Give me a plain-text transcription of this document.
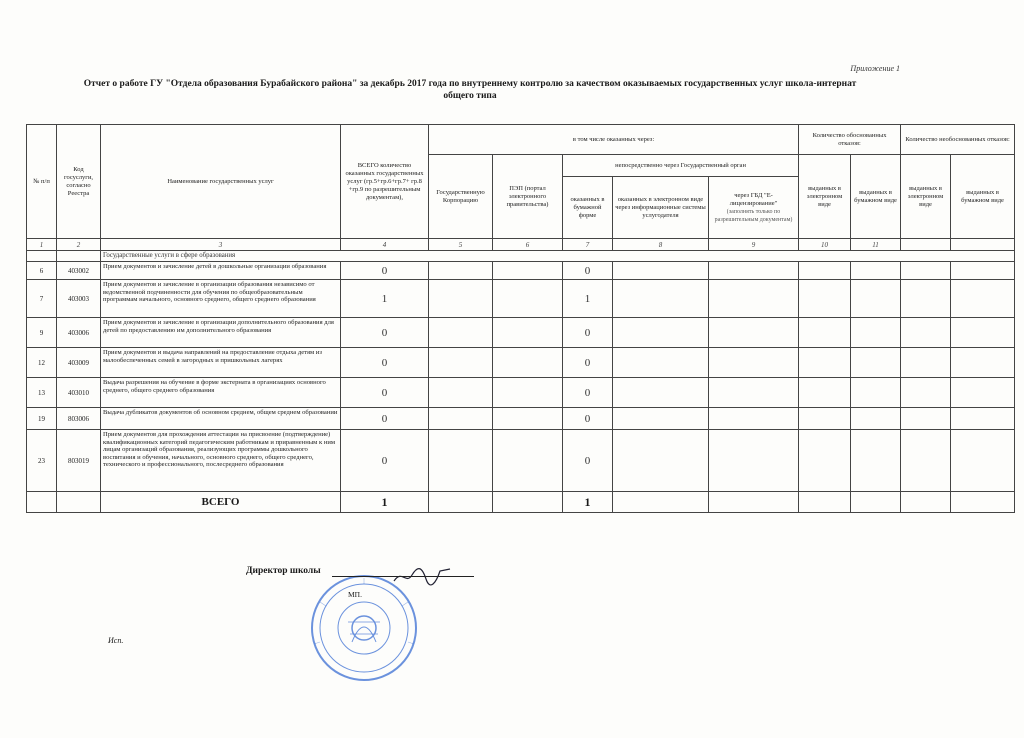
Приложение 1
Отчет о работе ГУ "Отдела образования Бурабайского района" за декабрь 2017 года по внутреннему контролю за качеством оказываемых государственных услуг школа-интернат
общего типа
№ п/п	Код госуслуги, согласно Реестра	Наименование государственных услуг	ВСЕГО количество оказанных государственных услуг (гр.5+гр.6+гр.7+ гр.8 +гр.9 по разрешительным документам),	в том числе оказанных через:					Количество обоснованных отказов:		Количество необоснованных отказов:	
				Государственную Корпорацию	ПЭП (портал электронного правительства)	непосредственно через Государственный орган			выданных в электронном виде	выданных в бумажном виде	выданных в электронном виде	выданных в бумажном виде
						оказанных в бумажной форме	оказанных в электронном виде через информационные системы услугодателя	через ГБД "Е-лицензирование"
(заполнять только по разрешительным документам)				

1	2	3	4	5	6	7	8	9	10	11		
		Государственные услуги в сфере образования										
6	403002	Прием документов и зачисление детей в дошкольные организации образования	0			0						
7	403003	Прием документов и зачисление в организации образования независимо от ведомственной подчиненности для обучения по общеобразовательным программам начального, основного среднего, общего среднего образования	1			1						
9	403006	Прием документов и зачисление в организации дополнительного образования для детей по предоставлению им дополнительного образования	0			0						
12	403009	Прием документов и выдача направлений на предоставление отдыха детям из малообеспеченных семей в загородных и пришкольных лагерях	0			0						
13	403010	Выдача разрешения на обучение в форме экстерната в организациях основного среднего, общего среднего образования	0			0						
19	803006	Выдача дубликатов документов об основном среднем, общем среднем образовании	0			0						
23	803019	Прием документов для прохождения аттестации на присвоение (подтверждение) квалификационных категорий педагогическим работникам и приравненным к ним лицам организаций образования, реализующих программы дошкольного воспитания и обучения, начального, основного среднего, общего среднего, технического и профессионального, послесреднего образования	0			0						
		ВСЕГО	1			1						
Директор школы
МП.
Исп.
